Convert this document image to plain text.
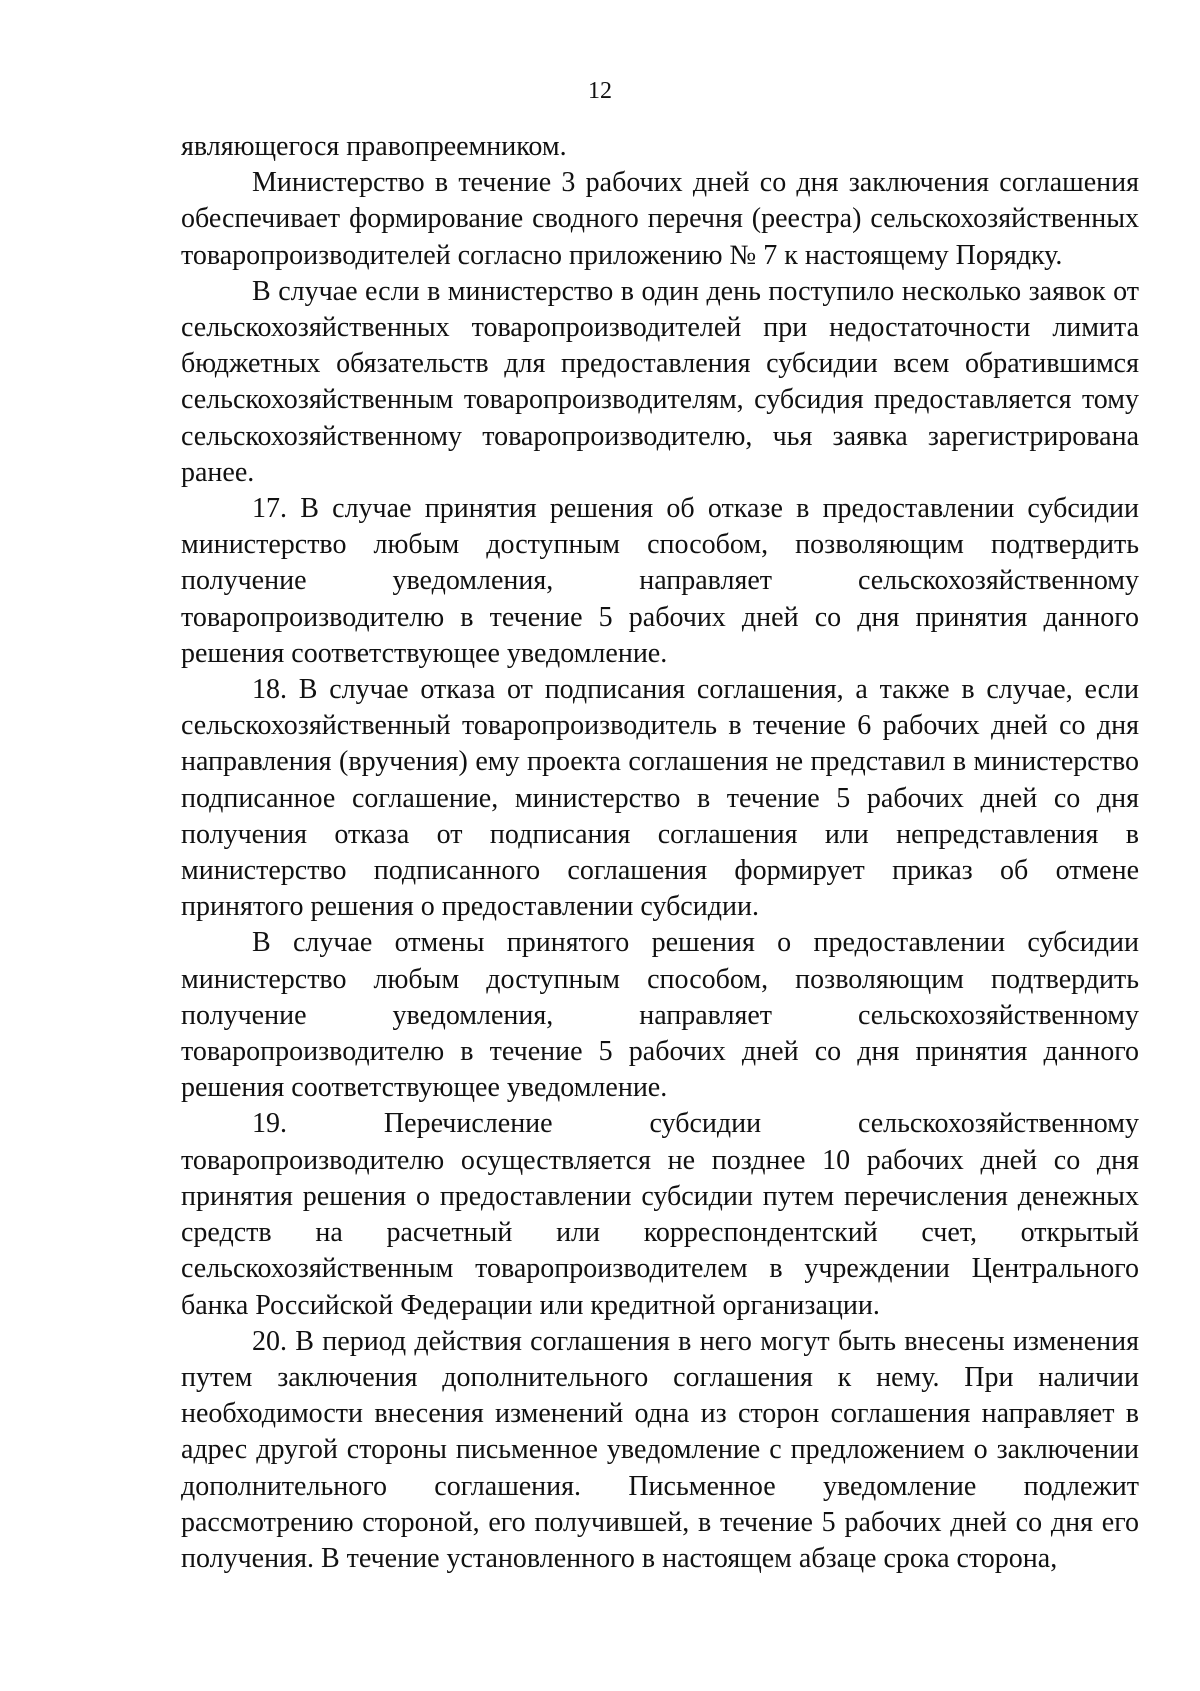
12

являющегося правопреемником.

Министерство в течение 3 рабочих дней со дня заключения соглашения обеспечивает формирование сводного перечня (реестра) сельскохозяйственных товаропроизводителей согласно приложению № 7 к настоящему Порядку.

В случае если в министерство в один день поступило несколько заявок от сельскохозяйственных товаропроизводителей при недостаточности лимита бюджетных обязательств для предоставления субсидии всем обратившимся сельскохозяйственным товаропроизводителям, субсидия предоставляется тому сельскохозяйственному товаропроизводителю, чья заявка зарегистрирована ранее.

17. В случае принятия решения об отказе в предоставлении субсидии министерство любым доступным способом, позволяющим подтвердить получение уведомления, направляет сельскохозяйственному товаропроизводителю в течение 5 рабочих дней со дня принятия данного решения соответствующее уведомление.

18. В случае отказа от подписания соглашения, а также в случае, если сельскохозяйственный товаропроизводитель в течение 6 рабочих дней со дня направления (вручения) ему проекта соглашения не представил в министерство подписанное соглашение, министерство в течение 5 рабочих дней со дня получения отказа от подписания соглашения или непредставления в министерство подписанного соглашения формирует приказ об отмене принятого решения о предоставлении субсидии.

В случае отмены принятого решения о предоставлении субсидии министерство любым доступным способом, позволяющим подтвердить получение уведомления, направляет сельскохозяйственному товаропроизводителю в течение 5 рабочих дней со дня принятия данного решения соответствующее уведомление.

19. Перечисление субсидии сельскохозяйственному товаропроизводителю осуществляется не позднее 10 рабочих дней со дня принятия решения о предоставлении субсидии путем перечисления денежных средств на расчетный или корреспондентский счет, открытый сельскохозяйственным товаропроизводителем в учреждении Центрального банка Российской Федерации или кредитной организации.

20. В период действия соглашения в него могут быть внесены изменения путем заключения дополнительного соглашения к нему. При наличии необходимости внесения изменений одна из сторон соглашения направляет в адрес другой стороны письменное уведомление с предложением о заключении дополнительного соглашения. Письменное уведомление подлежит рассмотрению стороной, его получившей, в течение 5 рабочих дней со дня его получения. В течение установленного в настоящем абзаце срока сторона,
